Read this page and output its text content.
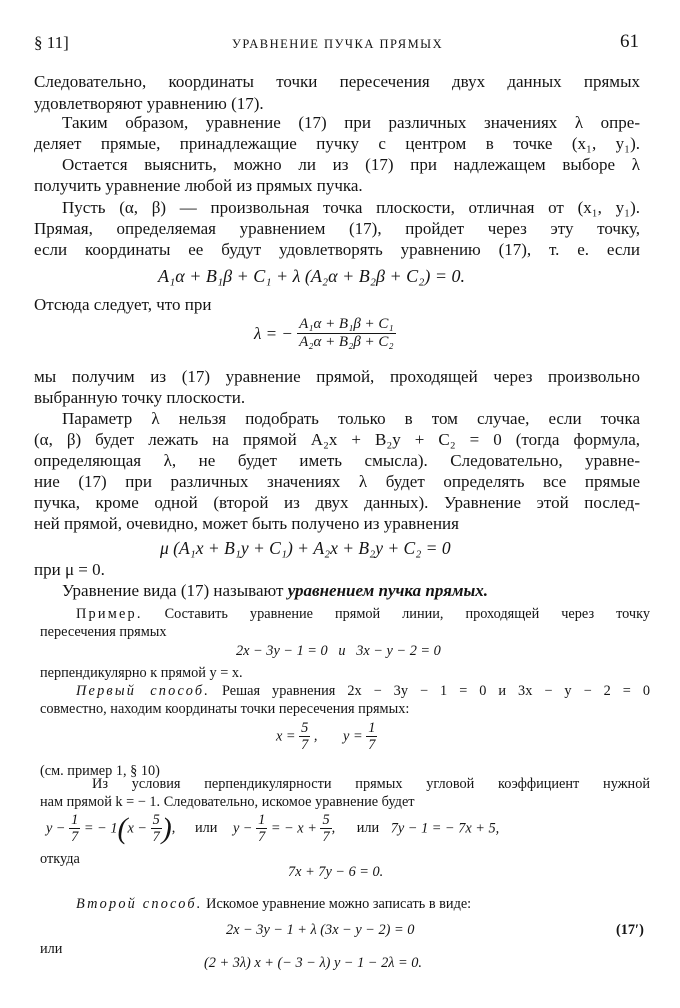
§ 11]	УРАВНЕНИЕ ПУЧКА ПРЯМЫХ	61
Следовательно, координаты точки пересечения двух данных прямых
удовлетворяют уравнению (17).
Таким образом, уравнение (17) при различных значениях λ опре-
деляет прямые, принадлежащие пучку с центром в точке (x₁, y₁).
Остается выяснить, можно ли из (17) при надлежащем выборе λ
получить уравнение любой из прямых пучка.
Пусть (α, β) — произвольная точка плоскости, отличная от (x₁, y₁).
Прямая, определяемая уравнением (17), пройдет через эту точку,
если координаты ее будут удовлетворять уравнению (17), т. е. если
A₁α + B₁β + C₁ + λ (A₂α + B₂β + C₂) = 0.
Отсюда следует, что при
λ = − $\frac{\text{A₁α + B₁β + C₁}}{\text{A₂α + B₂β + C₂}}$
мы получим из (17) уравнение прямой, проходящей через произвольно
выбранную точку плоскости.
Параметр λ нельзя подобрать только в том случае, если точка
(α, β) будет лежать на прямой A₂x + B₂y + C₂ = 0 (тогда формула,
определяющая λ, не будет иметь смысла). Следовательно, уравне-
ние (17) при различных значениях λ будет определять все прямые
пучка, кроме одной (второй из двух данных). Уравнение этой послед-
ней прямой, очевидно, может быть получено из уравнения
μ (A₁x + B₁y + C₁) + A₂x + B₂y + C₂ = 0
при μ = 0.
Уравнение вида (17) называют уравнением пучка прямых.
Пример. Составить уравнение прямой линии, проходящей через точку
пересечения прямых
2x − 3y − 1 = 0   и   3x − y − 2 = 0
перпендикулярно к прямой y = x.
Первый способ. Решая уравнения 2x − 3y − 1 = 0 и 3x − y − 2 = 0
совместно, находим координаты точки пересечения прямых:
$x = \frac{5}{7}$ , $y = \frac{1}{7}$
(см. пример 1, § 10)
Из условия перпендикулярности прямых угловой коэффициент нужной
нам прямой k = − 1. Следовательно, искомое уравнение будет
$y - \frac{1}{7}$ = − $1(x - \frac{5}{7}$ ), или $y - \frac{1}{7}$ = − $x + \frac{5}{7}$ , или 7y − 1 = − 7x + 5,
откуда
7x + 7y − 6 = 0.
Второй способ. Искомое уравнение можно записать в виде:
2x − 3y − 1 + λ (3x − y − 2) = 0	(17′)
или
(2 + 3λ) x + (− 3 − λ) y − 1 − 2λ = 0.
